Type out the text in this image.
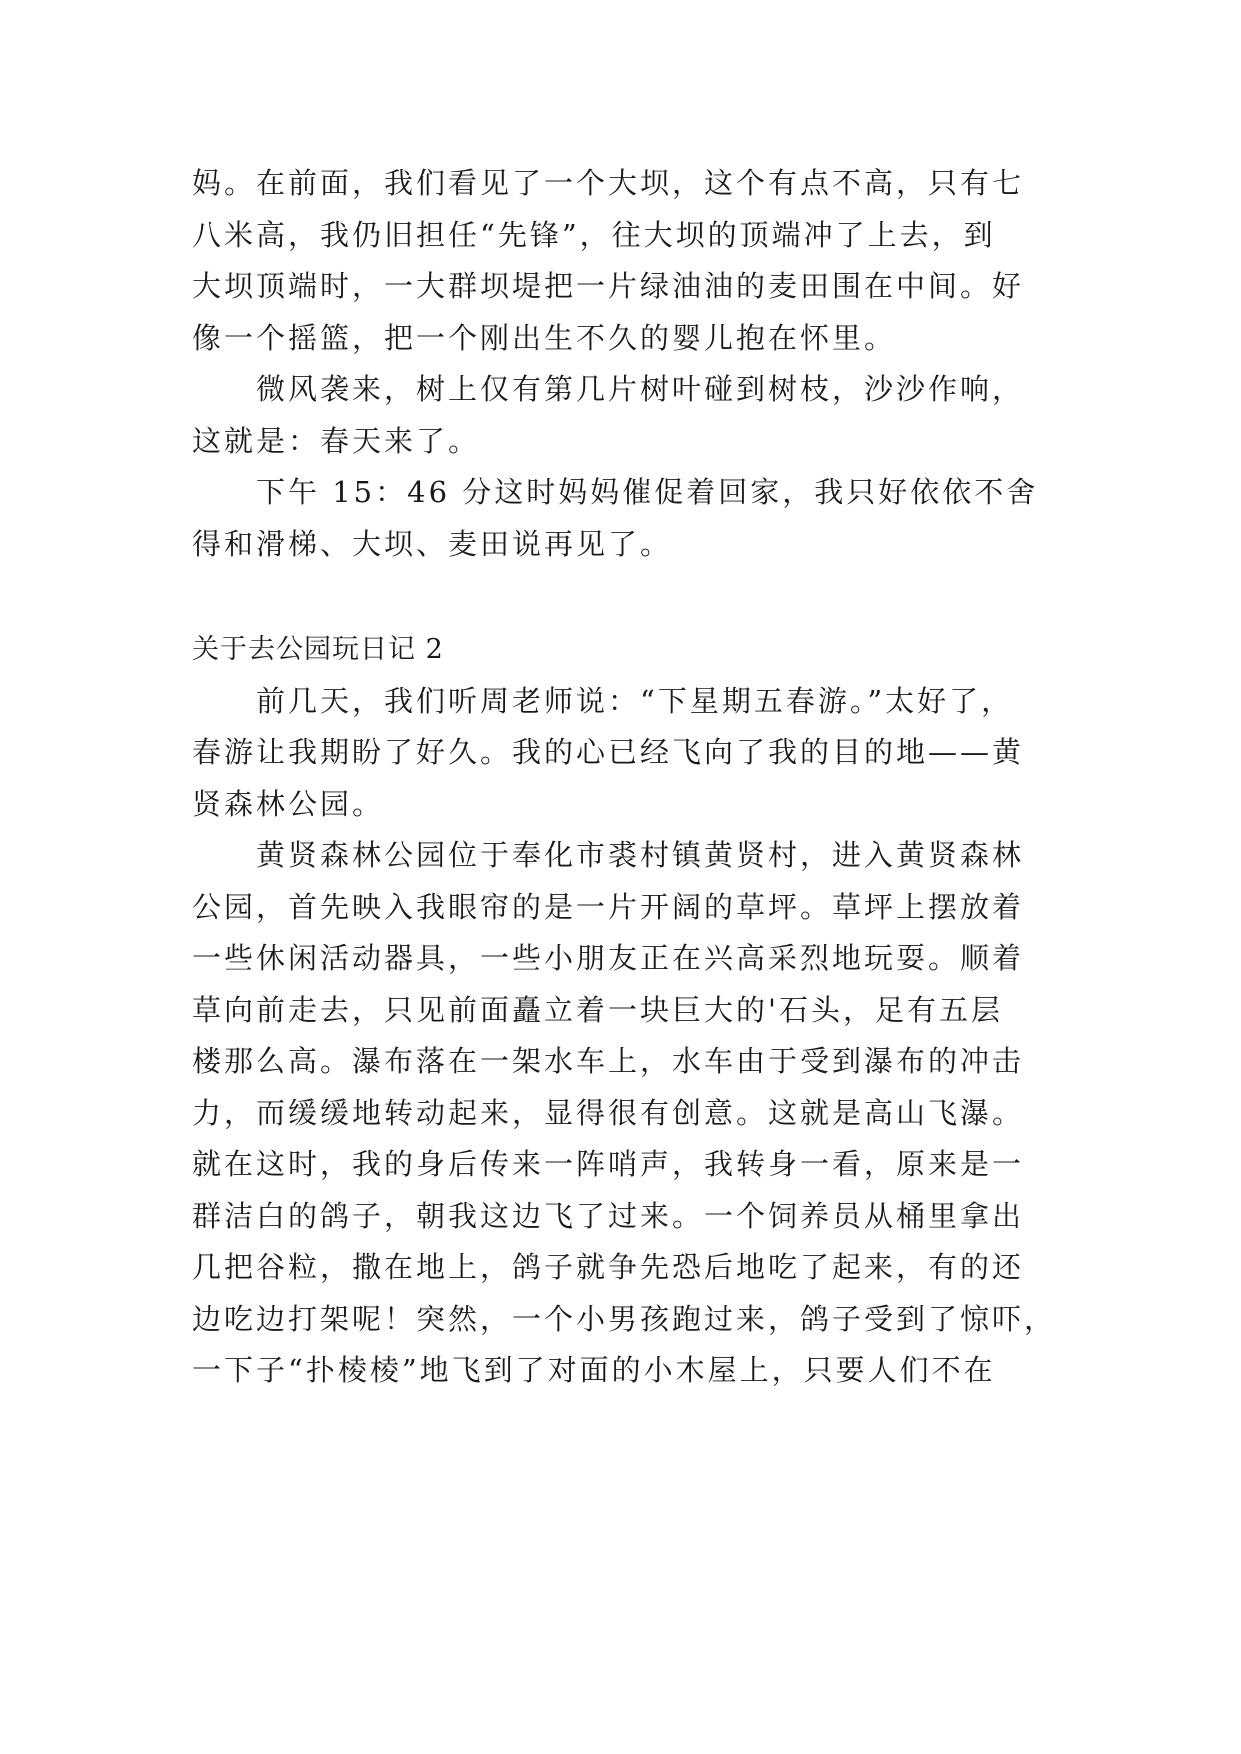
妈。在前面，我们看见了一个大坝，这个有点不高，只有七
八米高，我仍旧担任“先锋”，往大坝的顶端冲了上去，到
大坝顶端时，一大群坝堤把一片绿油油的麦田围在中间。好
像一个摇篮，把一个刚出生不久的婴儿抱在怀里。
微风袭来，树上仅有第几片树叶碰到树枝，沙沙作响，
这就是：春天来了。
下午 15：46 分这时妈妈催促着回家，我只好依依不舍
得和滑梯、大坝、麦田说再见了。
关于去公园玩日记 2
前几天，我们听周老师说：“下星期五春游。”太好了，
春游让我期盼了好久。我的心已经飞向了我的目的地——黄
贤森林公园。
黄贤森林公园位于奉化市裘村镇黄贤村，进入黄贤森林
公园，首先映入我眼帘的是一片开阔的草坪。草坪上摆放着
一些休闲活动器具，一些小朋友正在兴高采烈地玩耍。顺着
草向前走去，只见前面矗立着一块巨大的'石头，足有五层
楼那么高。瀑布落在一架水车上，水车由于受到瀑布的冲击
力，而缓缓地转动起来，显得很有创意。这就是高山飞瀑。
就在这时，我的身后传来一阵哨声，我转身一看，原来是一
群洁白的鸽子，朝我这边飞了过来。一个饲养员从桶里拿出
几把谷粒，撒在地上，鸽子就争先恐后地吃了起来，有的还
边吃边打架呢！突然，一个小男孩跑过来，鸽子受到了惊吓，
一下子“扑棱棱”地飞到了对面的小木屋上，只要人们不在
